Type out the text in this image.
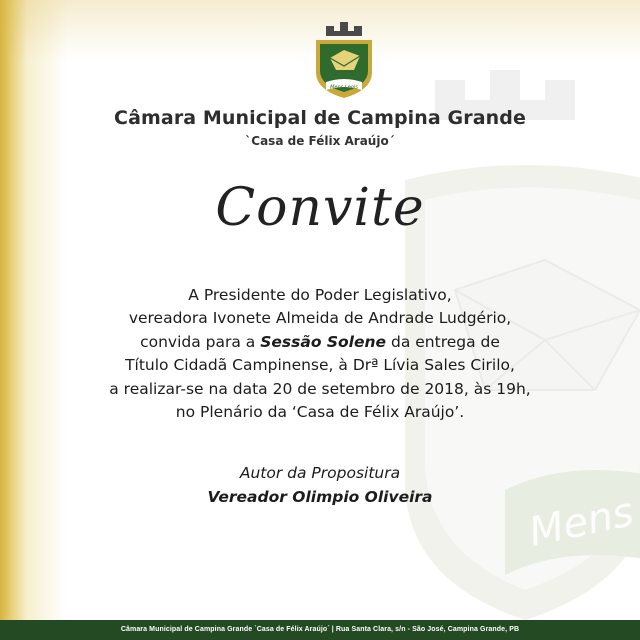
Mens
Mens Legis
Câmara Municipal de Campina Grande
`Casa de Félix Araújo´
Convite
A Presidente do Poder Legislativo,
vereadora Ivonete Almeida de Andrade Ludgério,
convida para a Sessão Solene da entrega de
Título Cidadã Campinense, à Drª Lívia Sales Cirilo,
a realizar-se na data 20 de setembro de 2018, às 19h,
no Plenário da ‘Casa de Félix Araújo’.
Autor da Propositura
Vereador Olimpio Oliveira
Câmara Municipal de Campina Grande `Casa de Félix Araújo´ | Rua Santa Clara, s/n - São José, Campina Grande, PB
